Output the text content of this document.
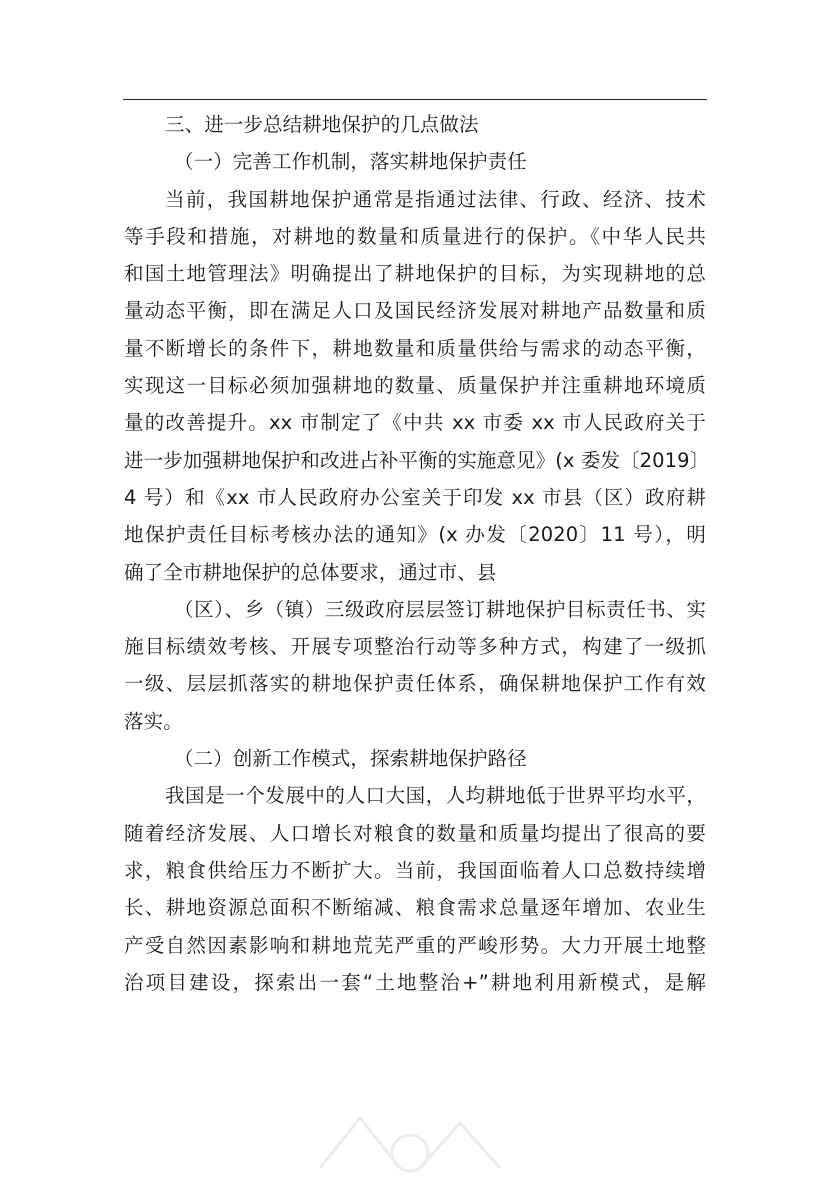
三、进一步总结耕地保护的几点做法
（一）完善工作机制，落实耕地保护责任
当前，我国耕地保护通常是指通过法律、行政、经济、技术
等手段和措施，对耕地的数量和质量进行的保护。《中华人民共
和国土地管理法》明确提出了耕地保护的目标，为实现耕地的总
量动态平衡，即在满足人口及国民经济发展对耕地产品数量和质
量不断增长的条件下，耕地数量和质量供给与需求的动态平衡，
实现这一目标必须加强耕地的数量、质量保护并注重耕地环境质
量的改善提升。xx 市制定了《中共 xx 市委 xx 市人民政府关于
进一步加强耕地保护和改进占补平衡的实施意见》(x 委发〔2019〕
4 号）和《xx 市人民政府办公室关于印发 xx 市县（区）政府耕
地保护责任目标考核办法的通知》(x 办发〔2020〕11 号），明
确了全市耕地保护的总体要求，通过市、县
（区）、乡（镇）三级政府层层签订耕地保护目标责任书、实
施目标绩效考核、开展专项整治行动等多种方式，构建了一级抓
一级、层层抓落实的耕地保护责任体系，确保耕地保护工作有效
落实。
（二）创新工作模式，探索耕地保护路径
我国是一个发展中的人口大国，人均耕地低于世界平均水平，
随着经济发展、人口增长对粮食的数量和质量均提出了很高的要
求，粮食供给压力不断扩大。当前，我国面临着人口总数持续增
长、耕地资源总面积不断缩减、粮食需求总量逐年增加、农业生
产受自然因素影响和耕地荒芜严重的严峻形势。大力开展土地整
治项目建设，探索出一套“土地整治+”耕地利用新模式，是解
